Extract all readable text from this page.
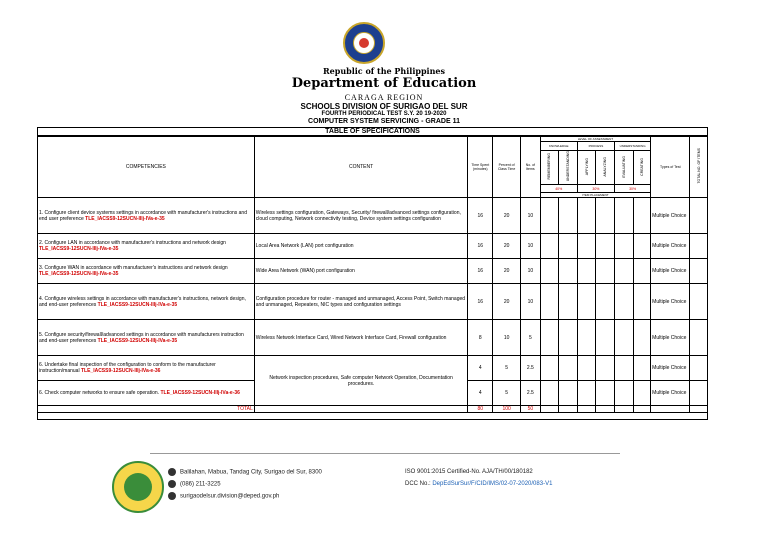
Republic of the Philippines
Department of Education
CARAGA REGION
SCHOOLS DIVISION OF SURIGAO DEL SUR
FOURTH PERIODICAL TEST S.Y. 20 19-2020
COMPUTER SYSTEM SERVICING - GRADE 11
TABLE OF SPECIFICATIONS
COMPETENCIES	CONTENT	Time Spent (minutes)	Percent of Class Time	No. of Items	LEVEL OF ASSESSMENT						Types of Test	TOTAL NO. OF ITEMS
					KNOWLEDGE		PROCESS		UNDERSTANDING			
					REMEMBERING	UNDERSTANDING	APPLYING	ANALYZING	EVALUATING	CREATING		
					40%		30%		30%			
					ITEM PLACEMENT							
1. Configure client device systems settings in accordance with manufacturer's instructions and end user preference TLE_IACSS9-12SUCN-IIIj-IVa-e-35	Wireless settings configuration, Gateways, Security/ firewall/advanced settings configuration, cloud computing, Network connectivity testing, Device system settings configuration	16	20	10							Multiple Choice	
2. Configure LAN in accordance with manufacturer's instructions and network design TLE_IACSS9-12SUCN-IIIj-IVa-e-35	Local Area Network (LAN) port configuration	16	20	10							Multiple Choice	
3. Configure WAN in accordance with manufacturer's instructions and network design TLE_IACSS9-12SUCN-IIIj-IVa-e-35	Wide Area Network (WAN) port configuration	16	20	10							Multiple Choice	
4. Configure wireless settings in accordance with manufacturer's instructions, network design, and end-user preferences TLE_IACSS9-12SUCN-IIIj-IVa-e-35	Configuration procedure for router - managed and unmanaged, Access Point, Switch managed and unmanaged, Repeaters, NIC types and configuration settings	16	20	10							Multiple Choice	
5. Configure security/firewall/advanced settings in accordance with manufacturers instruction and end-user preferences TLE_IACSS9-12SUCN-IIIj-IVa-e-35	Wireless Network Interface Card, Wired Network Interface Card, Firewall configuration	8	10	5							Multiple Choice	
6. Undertake final inspection of the configuration to conform to the manufacturer instruction/manual TLE_IACSS9-12SUCN-IIIj-IVa-e-36	Network inspection procedures, Safe computer Network Operation, Documentation procedures.	4	5	2.5							Multiple Choice	
6. Check computer networks to ensure safe operation. TLE_IACSS9-12SUCN-IIIj-IVa-e-36		4	5	2.5							Multiple Choice	
TOTAL		80	100	50								
Balilahan, Mabua, Tandag City, Surigao del Sur, 8300
(086) 211-3225
surigaodelsur.division@deped.gov.ph
ISO 9001:2015 Certified-No. AJA/TH/00/180182
DCC No.: DepEdSurSur/F/CID/IMS/02-07-2020/083-V1
